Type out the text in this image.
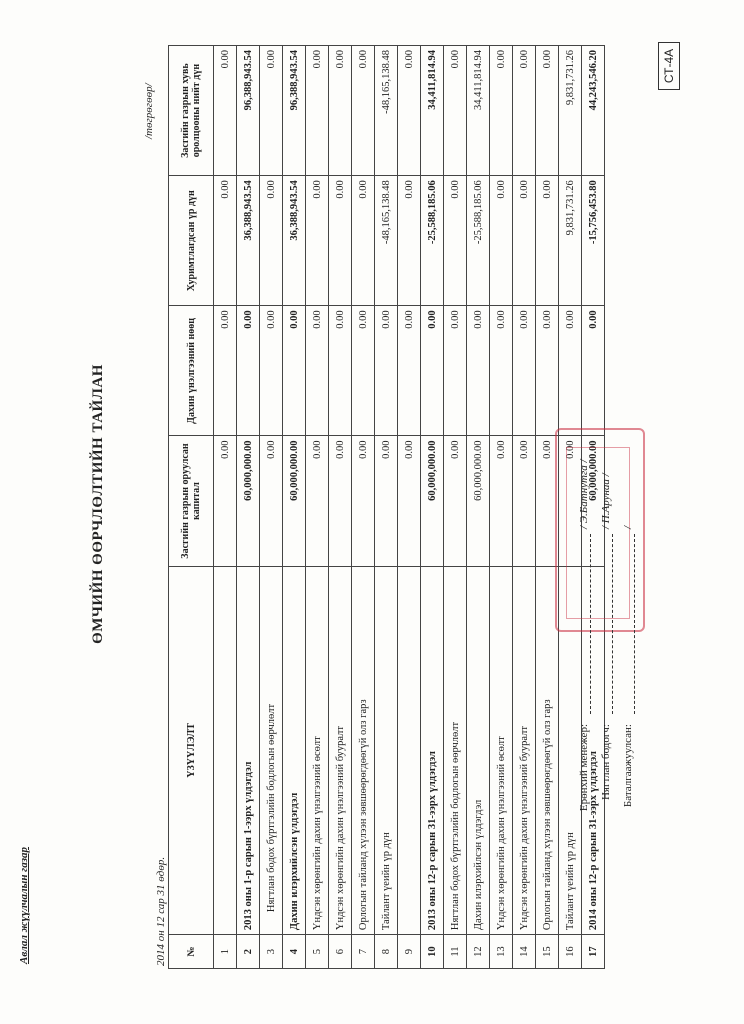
СТ-4А
Авлал жүүлчалын газар
ӨМЧИЙН ӨӨРЧЛӨЛТИЙН ТАЙЛАН
2014 он 12 сар 31 өдөр.
/төгрөгөөр/
№	ҮЗҮҮЛЭЛТ	Засгийн газрын оруулсан капитал	Дахин үнэлгээний нөөц	Хуримтлагдсан үр дүн	Засгийн газрын хувь оролцооны нийт дүн
1		0.00	0.00	0.00	0.00
2	2013 оны 1-р сарын 1-ээрх үлдэгдэл	60,000,000.00	0.00	36,388,943.54	96,388,943.54
3	Нягтлан бодох бүртгэлийн бодлогын өөрчлөлт	0.00	0.00	0.00	0.00
4	Дахин илэрхийлсэн үлдэгдэл	60,000,000.00	0.00	36,388,943.54	96,388,943.54
5	Үндсэн хөрөнгийн дахин үнэлгээний өсөлт	0.00	0.00	0.00	0.00
6	Үндсэн хөрөнгийн дахин үнэлгээний бууралт	0.00	0.00	0.00	0.00
7	Орлогын тайланд хүлээн зөвшөөрөгдөөгүй олз гарз	0.00	0.00	0.00	0.00
8	Тайлант үеийн үр дүн	0.00	0.00	-48,165,138.48	-48,165,138.48
9		0.00	0.00	0.00	0.00
10	2013 оны 12-р сарын 31-ээрх үлдэгдэл	60,000,000.00	0.00	-25,588,185.06	34,411,814.94
11	Нягтлан бодох бүртгэлийн бодлогын өөрчлөлт	0.00	0.00	0.00	0.00
12	Дахин илэрхийлсэн үлдэгдэл	60,000,000.00	0.00	-25,588,185.06	34,411,814.94
13	Үндсэн хөрөнгийн дахин үнэлгээний өсөлт	0.00	0.00	0.00	0.00
14	Үндсэн хөрөнгийн дахин үнэлгээний бууралт	0.00	0.00	0.00	0.00
15	Орлогын тайланд хүлээн зөвшөөрөгдөөгүй олз гарз	0.00	0.00	0.00	0.00
16	Тайлант үеийн үр дүн	0.00	0.00	9,831,731.26	9,831,731.26
17	2014 оны 12-р сарын 31-ээрх үлдэгдэл	60,000,000.00	0.00	-15,756,453.80	44,243,546.20
Ерөнхий менежер:
/ Э.Батнутга /
Нягтлан бодогч:
/ П.Арунаа /
Баталгаажуулсан:
/
